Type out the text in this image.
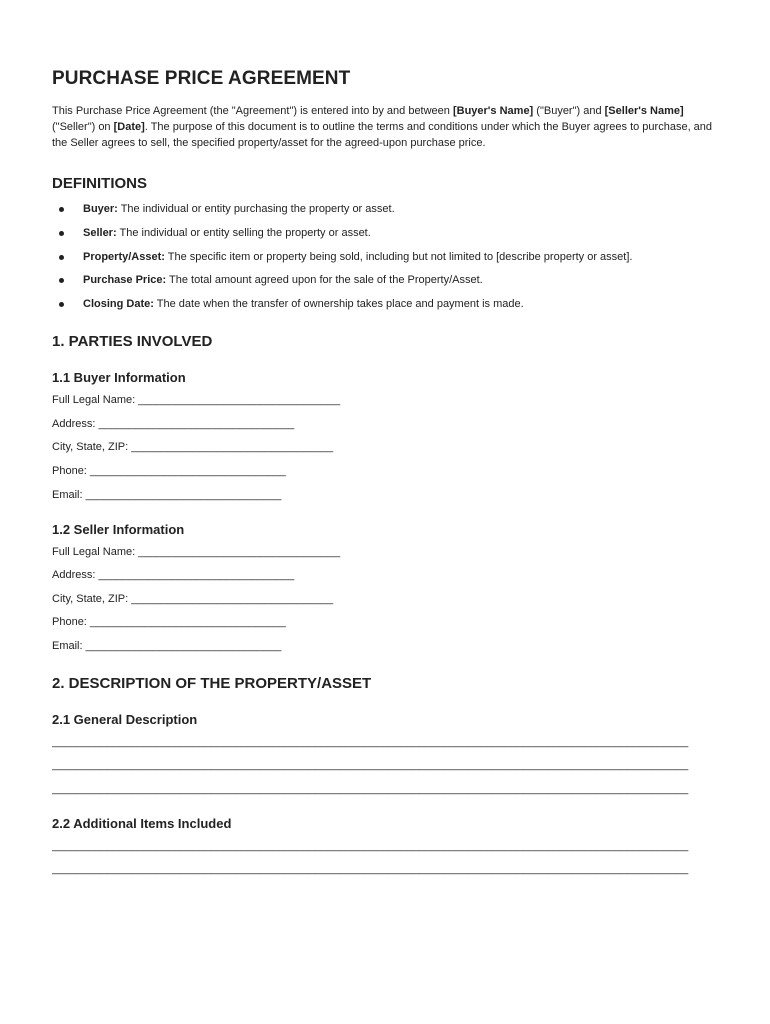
PURCHASE PRICE AGREEMENT

This Purchase Price Agreement (the "Agreement") is entered into by and between [Buyer's Name] ("Buyer") and [Seller's Name] ("Seller") on [Date]. The purpose of this document is to outline the terms and conditions under which the Buyer agrees to purchase, and the Seller agrees to sell, the specified property/asset for the agreed-upon purchase price.

DEFINITIONS
Buyer: The individual or entity purchasing the property or asset.
Seller: The individual or entity selling the property or asset.
Property/Asset: The specific item or property being sold, including but not limited to [describe property or asset].
Purchase Price: The total amount agreed upon for the sale of the Property/Asset.
Closing Date: The date when the transfer of ownership takes place and payment is made.
1. PARTIES INVOLVED
1.1 Buyer Information
Full Legal Name: _________________________________
Address: ________________________________
City, State, ZIP: _________________________________
Phone: ________________________________
Email: ________________________________
1.2 Seller Information
Full Legal Name: _________________________________
Address: ________________________________
City, State, ZIP: _________________________________
Phone: ________________________________
Email: ________________________________
2. DESCRIPTION OF THE PROPERTY/ASSET
2.1 General Description
________________________________________________________________________________________________________
________________________________________________________________________________________________________
________________________________________________________________________________________________________
2.2 Additional Items Included
________________________________________________________________________________________________________
________________________________________________________________________________________________________
